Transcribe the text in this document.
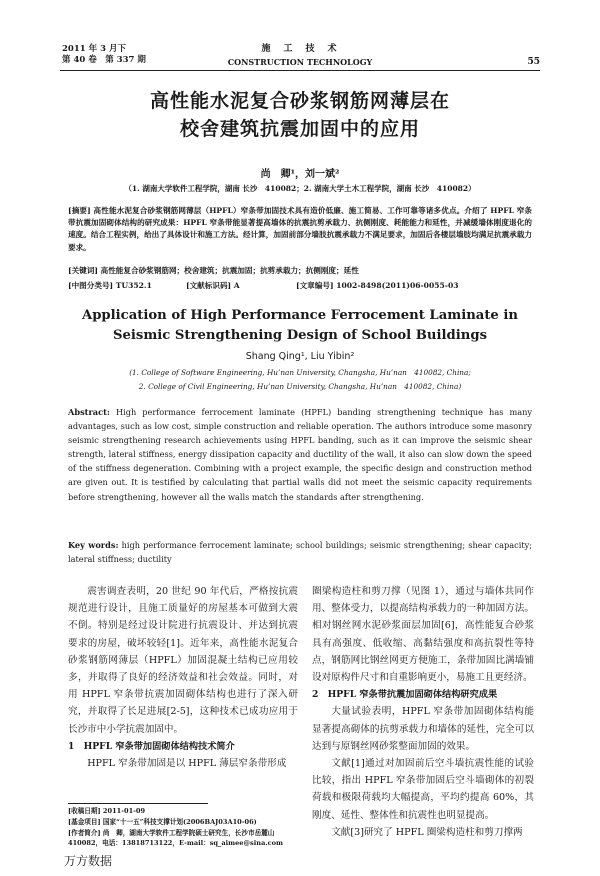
2011 年 3 月下
第 40 卷　第 337 期
施　工　技　术
CONSTRUCTION TECHNOLOGY	55
高性能水泥复合砂浆钢筋网薄层在
校舍建筑抗震加固中的应用
尚　卿¹，刘一斌²
（1. 湖南大学软件工程学院，湖南 长沙　410082；2. 湖南大学土木工程学院，湖南 长沙　410082）
[摘要] 高性能水泥复合砂浆钢筋网薄层（HPFL）窄条带加固技术具有造价低廉、施工简易、工作可靠等诸多优点。介绍了 HPFL 窄条带抗震加固砌体结构的研究成果：HPFL 窄条带能显著提高墙体的抗震抗剪承载力、抗侧刚度、耗能能力和延性，并减缓墙体刚度退化的速度。结合工程实例，给出了具体设计和施工方法。经计算，加固前部分墙肢抗震承载力不满足要求，加固后各楼层墙肢均满足抗震承载力要求。
[关键词] 高性能复合砂浆钢筋网；校舍建筑；抗震加固；抗剪承载力；抗侧刚度；延性
[中图分类号] TU352.1	[文献标识码] A	[文章编号] 1002-8498(2011)06-0055-03
Application of High Performance Ferrocement Laminate in
Seismic Strengthening Design of School Buildings
Shang Qing¹, Liu Yibin²
(1. College of Software Engineering, Hu’nan University, Changsha, Hu’nan　410082, China;
2. College of Civil Engineering, Hu’nan University, Changsha, Hu’nan　410082, China)
Abstract: High performance ferrocement laminate (HPFL) banding strengthening technique has many advantages, such as low cost, simple construction and reliable operation. The authors introduce some masonry seismic strengthening research achievements using HPFL banding, such as it can improve the seismic shear strength, lateral stiffness, energy dissipation capacity and ductility of the wall, it also can slow down the speed of the stiffness degeneration. Combining with a project example, the specific design and construction method are given out. It is testified by calculating that partial walls did not meet the seismic capacity requirements before strengthening, however all the walls match the standards after strengthening.
Key words: high performance ferrocement laminate; school buildings; seismic strengthening; shear capacity; lateral stiffness; ductility

震害调查表明，20 世纪 90 年代后，严格按抗震规范进行设计，且施工质量好的房屋基本可做到大震不倒。特别是经过设计院进行抗震设计、并达到抗震要求的房屋，破坏较轻[1]。近年来，高性能水泥复合砂浆钢筋网薄层（HPFL）加固混凝土结构已应用较多，并取得了良好的经济效益和社会效益。同时，对用 HPFL 窄条带抗震加固砌体结构也进行了深入研究，并取得了长足进展[2-5]，这种技术已成功应用于长沙市中小学抗震加固中。

1　HPFL 窄条带加固砌体结构技术简介

HPFL 窄条带加固是以 HPFL 薄层窄条带形成

圈梁构造柱和剪刀撑（见图 1），通过与墙体共同作用、整体受力，以提高结构承载力的一种加固方法。相对钢丝网水泥砂浆面层加固[6]，高性能复合砂浆具有高强度、低收缩、高黏结强度和高抗裂性等特点，钢筋网比钢丝网更方便施工，条带加固比满墙铺设对原构件尺寸和自重影响更小，易施工且更经济。

2　HPFL 窄条带抗震加固砌体结构研究成果

大量试验表明，HPFL 窄条带加固砌体结构能显著提高砌体的抗剪承载力和墙体的延性，完全可以达到与原钢丝网砂浆整面加固的效果。

文献[1]通过对加固前后空斗墙抗震性能的试验比较，指出 HPFL 窄条带加固后空斗墙砌体的初裂荷载和极限荷载均大幅提高，平均约提高 60%，其刚度、延性、整体性和抗震性也明显提高。

文献[3]研究了 HPFL 圈梁构造柱和剪刀撑两

[收稿日期] 2011-01-09
[基金项目] 国家“十一五”科技支撑计划(2006BAJ03A10-06)
[作者简介] 尚　卿，湖南大学软件工程学院硕士研究生，长沙市岳麓山　410082，电话：13818713122，E-mail：sq_aimee@sina.com
万方数据
